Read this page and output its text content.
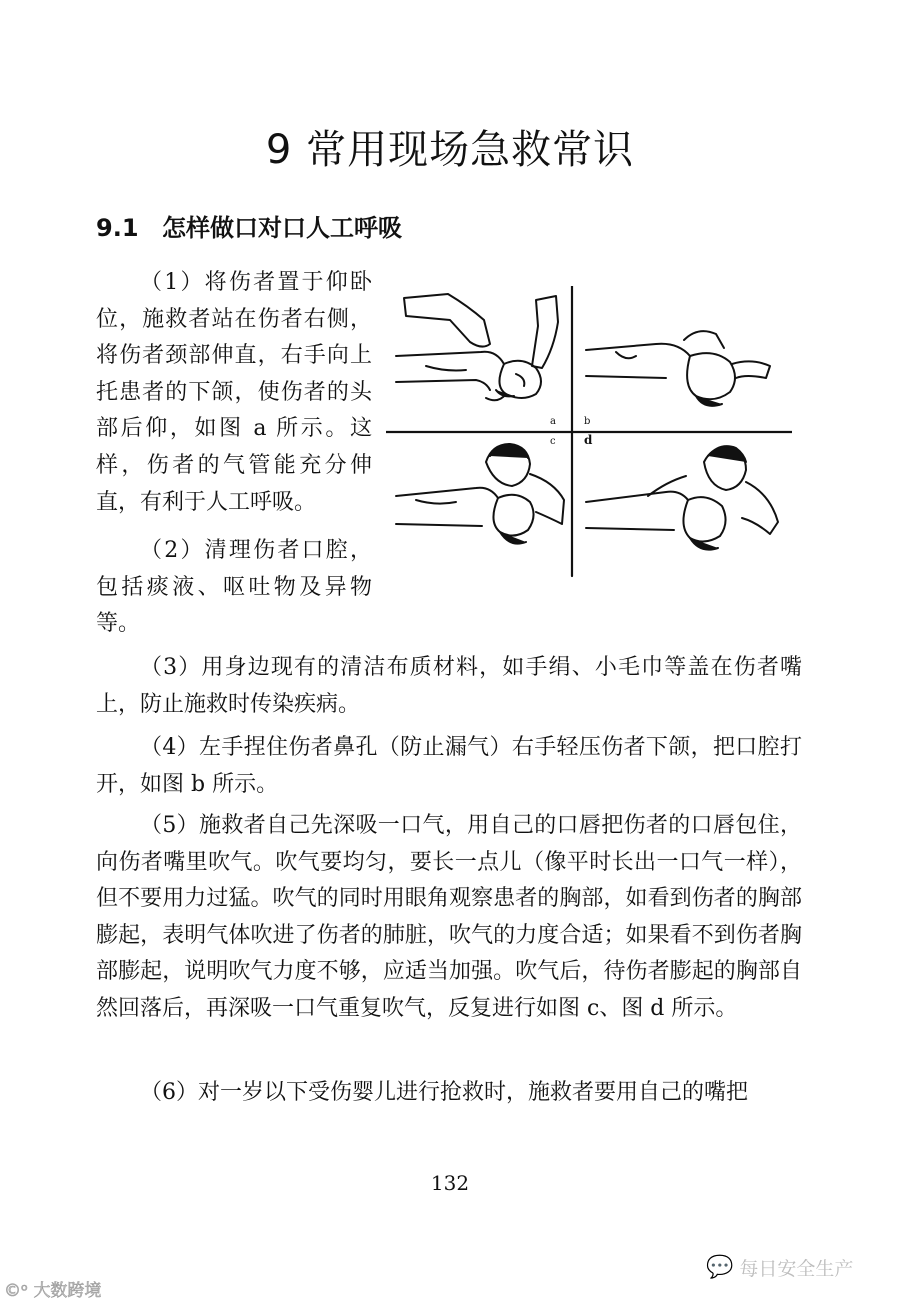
9 常用现场急救常识
9.1 怎样做口对口人工呼吸

（1）将伤者置于仰卧位，施救者站在伤者右侧，将伤者颈部伸直，右手向上托患者的下颌，使伤者的头部后仰，如图 a 所示。这样，伤者的气管能充分伸直，有利于人工呼吸。

（2）清理伤者口腔，包括痰液、呕吐物及异物等。

a	b
c d

（3）用身边现有的清洁布质材料，如手绢、小毛巾等盖在伤者嘴上，防止施救时传染疾病。

（4）左手捏住伤者鼻孔（防止漏气）右手轻压伤者下颌，把口腔打开，如图 b 所示。

（5）施救者自己先深吸一口气，用自己的口唇把伤者的口唇包住，向伤者嘴里吹气。吹气要均匀，要长一点儿（像平时长出一口气一样），但不要用力过猛。吹气的同时用眼角观察患者的胸部，如看到伤者的胸部膨起，表明气体吹进了伤者的肺脏，吹气的力度合适；如果看不到伤者胸部膨起，说明吹气力度不够，应适当加强。吹气后，待伤者膨起的胸部自然回落后，再深吸一口气重复吹气，反复进行如图 c、图 d 所示。

（6）对一岁以下受伤婴儿进行抢救时，施救者要用自己的嘴把

132
©ᵒ 大数跨境
💬 每日安全生产
